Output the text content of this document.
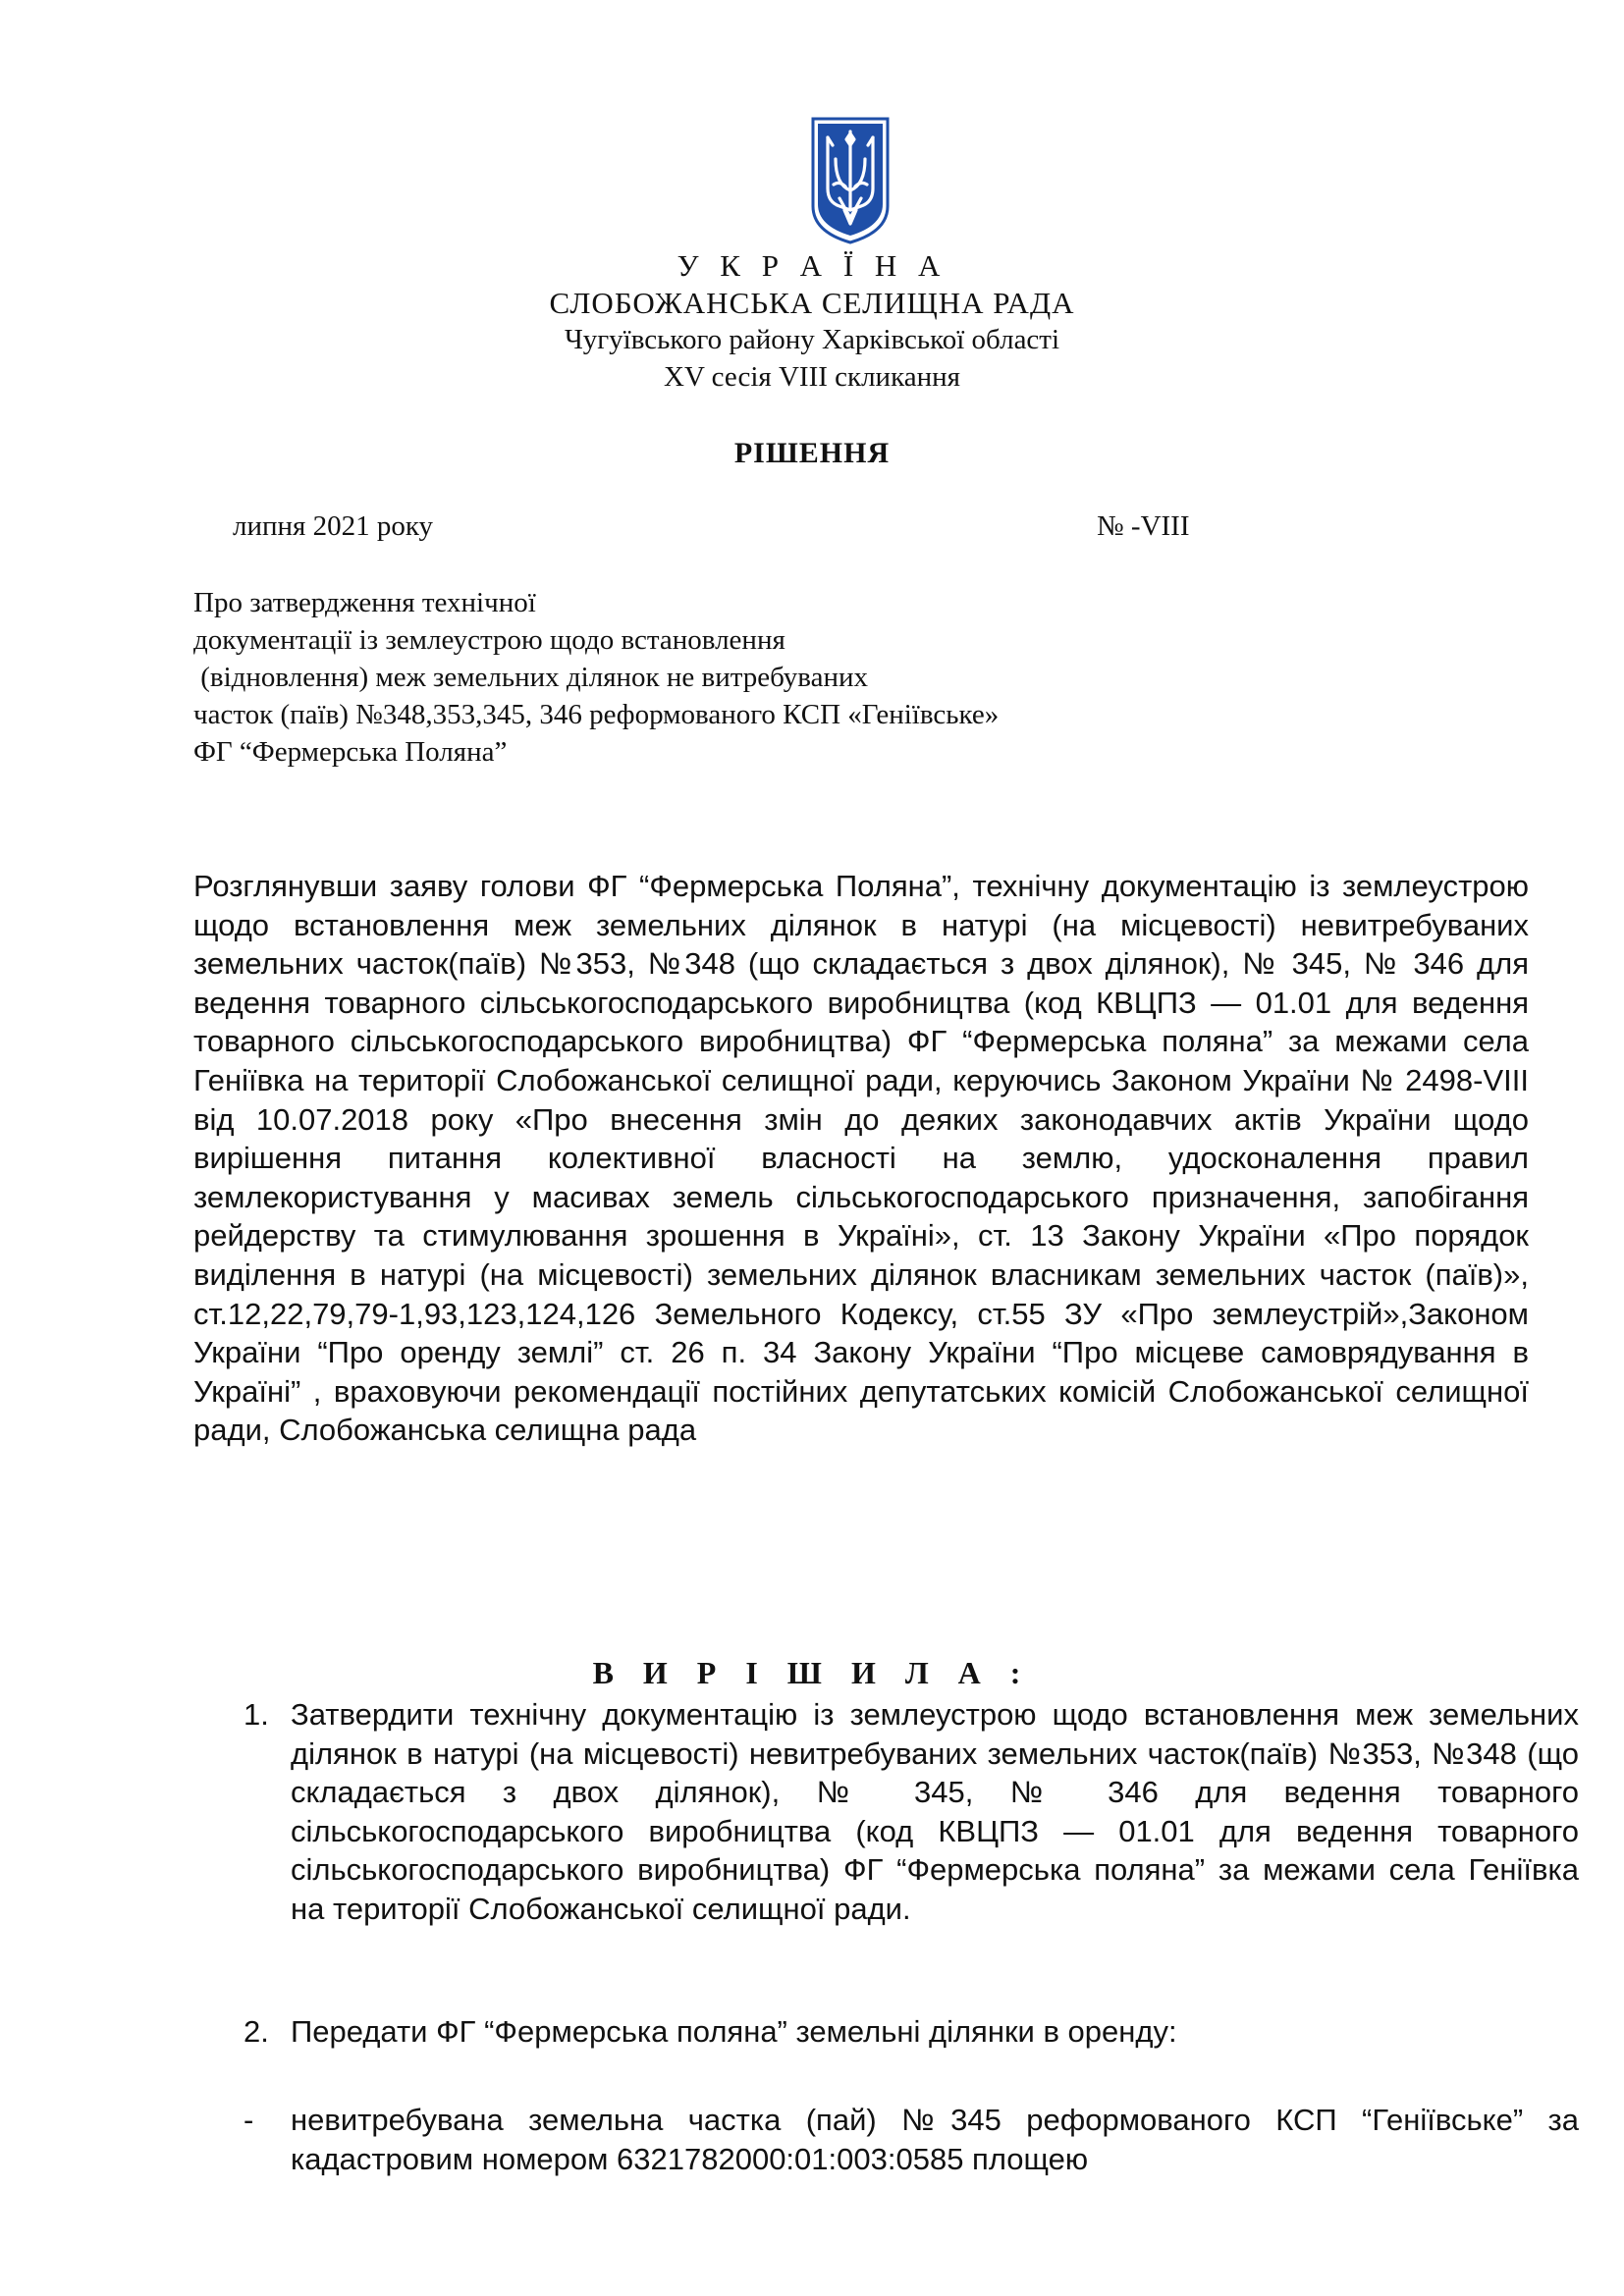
У К Р А Ї Н А
СЛОБОЖАНСЬКА СЕЛИЩНА РАДА
Чугуївського району Харківської області
XV сесія VIII скликання
РІШЕННЯ
липня 2021 року	№ -VIII
Про затвердження технічної
документації із землеустрою щодо встановлення
(відновлення) меж земельних ділянок не витребуваних
часток (паїв) №348,353,345, 346 реформованого КСП «Геніївське»
ФГ “Фермерська Поляна”
Розглянувши заяву голови ФГ “Фермерська Поляна”, технічну документацію із землеустрою щодо встановлення меж земельних ділянок в натурі (на місцевості) невитребуваних земельних часток(паїв) №353, №348 (що складається з двох ділянок), № 345, № 346 для ведення товарного сільськогосподарського виробництва (код КВЦПЗ — 01.01 для ведення товарного сільськогосподарського виробництва) ФГ “Фермерська поляна” за межами села Геніївка на території Слобожанської селищної ради, керуючись Законом України № 2498-VIII від 10.07.2018 року «Про внесення змін до деяких законодавчих актів України щодо вирішення питання колективної власності на землю, удосконалення правил землекористування у масивах земель сільськогосподарського призначення, запобігання рейдерству та стимулювання зрошення в Україні», ст. 13 Закону України «Про порядок виділення в натурі (на місцевості) земельних ділянок власникам земельних часток (паїв)», ст.12,22,79,79-1,93,123,124,126 Земельного Кодексу, ст.55 ЗУ «Про землеустрій»,Законом України “Про оренду землі” ст. 26 п. 34 Закону України “Про місцеве самоврядування в Україні” , враховуючи рекомендації постійних депутатських комісій Слобожанської селищної ради, Слобожанська селищна рада
В И Р І Ш И Л А :
1. Затвердити технічну документацію із землеустрою щодо встановлення меж земельних ділянок в натурі (на місцевості) невитребуваних земельних часток(паїв) №353, №348 (що складається з двох ділянок), № 345, № 346 для ведення товарного сільськогосподарського виробництва (код КВЦПЗ — 01.01 для ведення товарного сільськогосподарського виробництва) ФГ “Фермерська поляна” за межами села Геніївка на території Слобожанської селищної ради.
2. Передати ФГ “Фермерська поляна” земельні ділянки в оренду:
- невитребувана земельна частка (пай) №345 реформованого КСП “Геніївське” за кадастровим номером 6321782000:01:003:0585 площею
